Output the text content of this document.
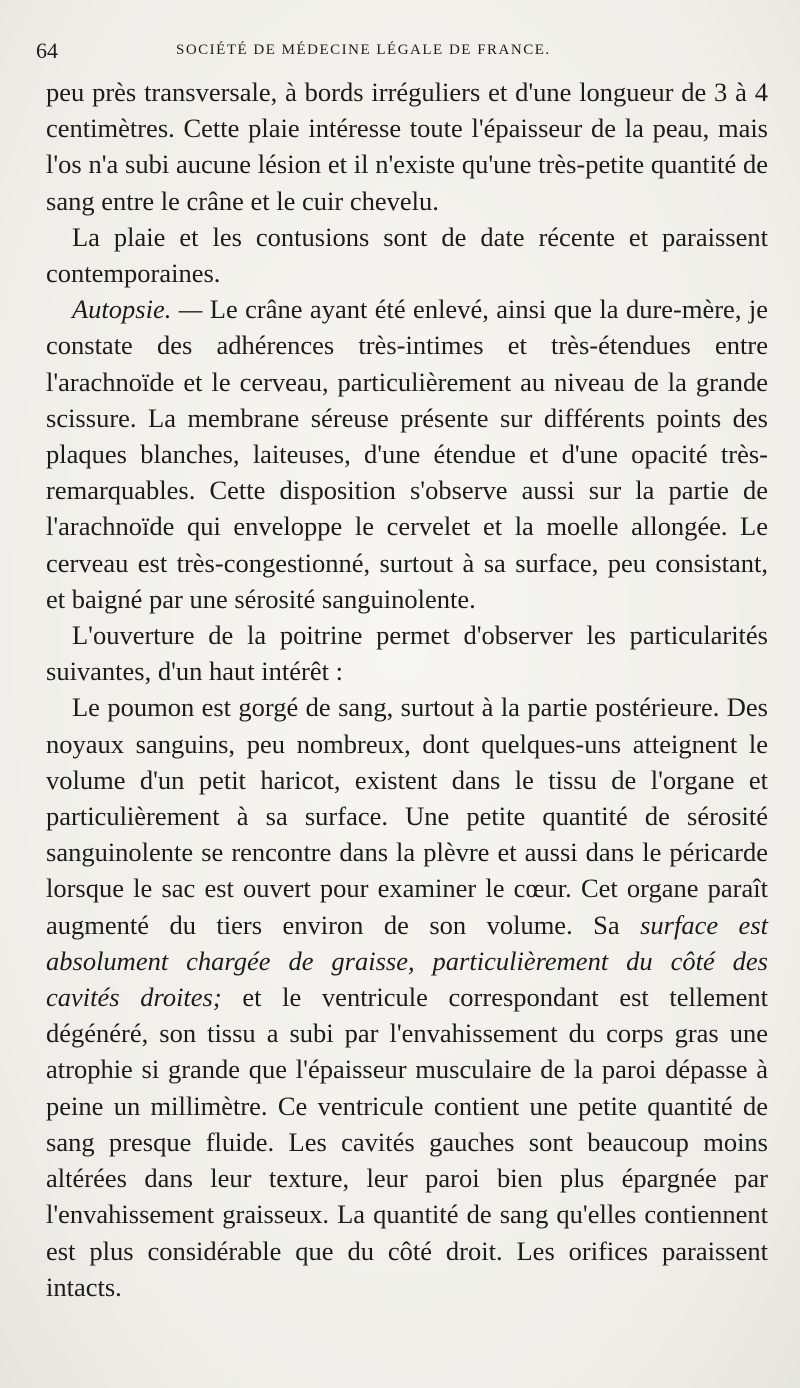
64	SOCIÉTÉ DE MÉDECINE LÉGALE DE FRANCE.

peu près transversale, à bords irréguliers et d'une longueur de 3 à 4 centimètres. Cette plaie intéresse toute l'épaisseur de la peau, mais l'os n'a subi aucune lésion et il n'existe qu'une très-petite quantité de sang entre le crâne et le cuir chevelu.

La plaie et les contusions sont de date récente et paraissent contemporaines.

Autopsie. — Le crâne ayant été enlevé, ainsi que la dure-mère, je constate des adhérences très-intimes et très-étendues entre l'arachnoïde et le cerveau, particulièrement au niveau de la grande scissure. La membrane séreuse présente sur différents points des plaques blanches, laiteuses, d'une étendue et d'une opacité très-remarquables. Cette disposition s'observe aussi sur la partie de l'arachnoïde qui enveloppe le cervelet et la moelle allongée. Le cerveau est très-congestionné, surtout à sa surface, peu consistant, et baigné par une sérosité sanguinolente.

L'ouverture de la poitrine permet d'observer les particularités suivantes, d'un haut intérêt :

Le poumon est gorgé de sang, surtout à la partie postérieure. Des noyaux sanguins, peu nombreux, dont quelques-uns atteignent le volume d'un petit haricot, existent dans le tissu de l'organe et particulièrement à sa surface. Une petite quantité de sérosité sanguinolente se rencontre dans la plèvre et aussi dans le péricarde lorsque le sac est ouvert pour examiner le cœur. Cet organe paraît augmenté du tiers environ de son volume. Sa surface est absolument chargée de graisse, particulièrement du côté des cavités droites; et le ventricule correspondant est tellement dégénéré, son tissu a subi par l'envahissement du corps gras une atrophie si grande que l'épaisseur musculaire de la paroi dépasse à peine un millimètre. Ce ventricule contient une petite quantité de sang presque fluide. Les cavités gauches sont beaucoup moins altérées dans leur texture, leur paroi bien plus épargnée par l'envahissement graisseux. La quantité de sang qu'elles contiennent est plus considérable que du côté droit. Les orifices paraissent intacts.
